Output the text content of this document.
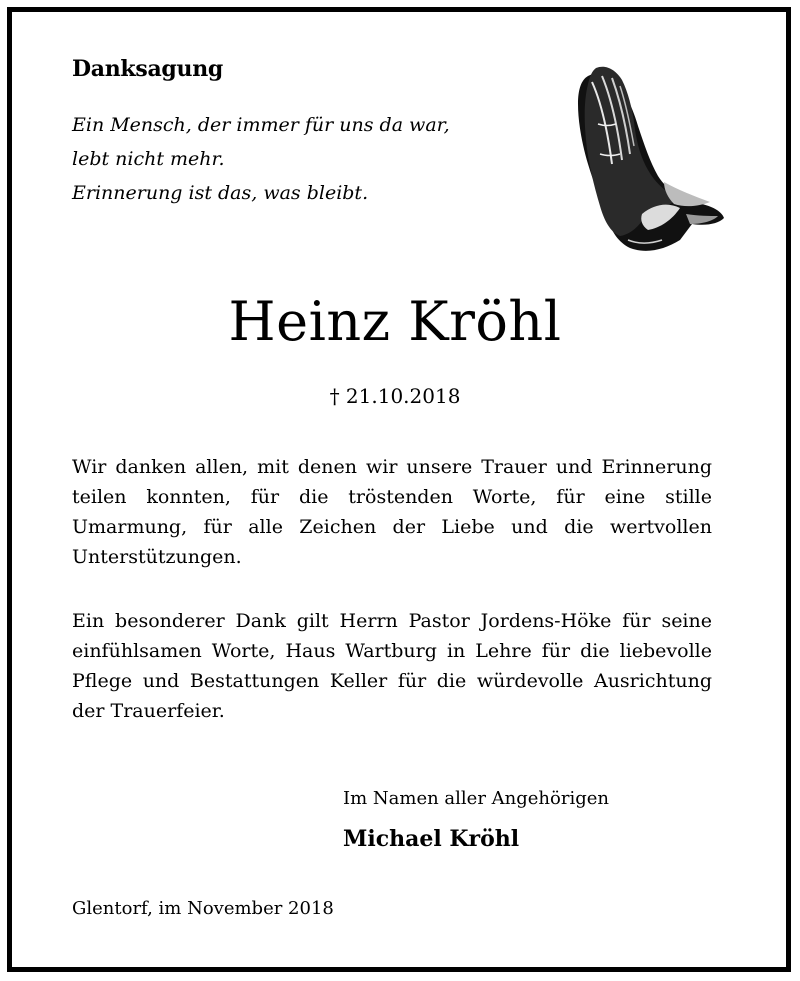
Danksagung
Ein Mensch, der immer für uns da war,
lebt nicht mehr.
Erinnerung ist das, was bleibt.
Heinz Kröhl
† 21.10.2018
Wir danken allen, mit denen wir unsere Trauer und Erinnerung teilen konnten, für die tröstenden Worte, für eine stille Umarmung, für alle Zeichen der Liebe und die wertvollen Unterstützungen.
Ein besonderer Dank gilt Herrn Pastor Jordens-Höke für seine einfühlsamen Worte, Haus Wartburg in Lehre für die liebevolle Pflege und Bestattungen Keller für die würdevolle Ausrichtung der Trauerfeier.
Im Namen aller Angehörigen
Michael Kröhl
Glentorf, im November 2018
